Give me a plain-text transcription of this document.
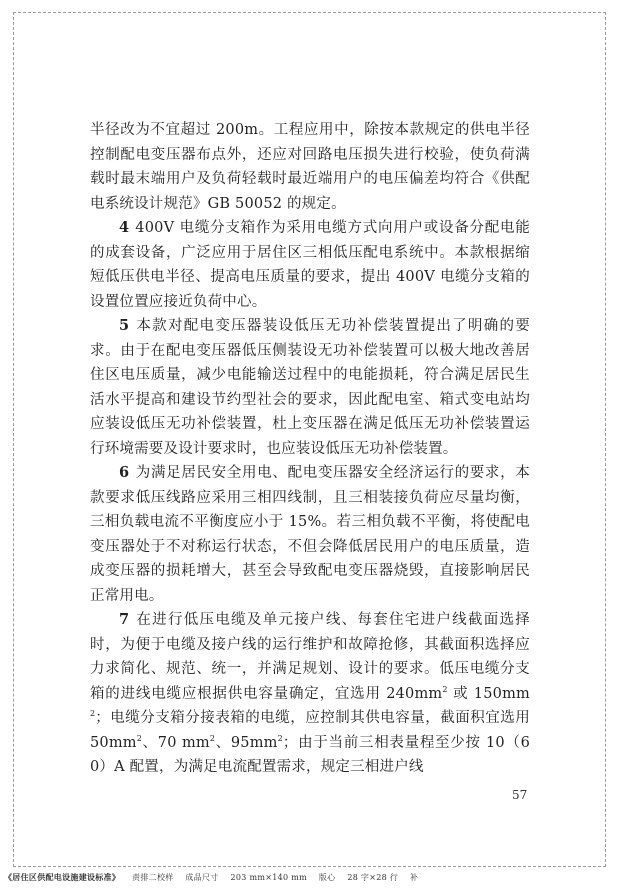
半径改为不宜超过 200m。工程应用中，除按本款规定的供电半径控制配电变压器布点外，还应对回路电压损失进行校验，使负荷满载时最末端用户及负荷轻载时最近端用户的电压偏差均符合《供配电系统设计规范》GB 50052 的规定。

4 400V 电缆分支箱作为采用电缆方式向用户或设备分配电能的成套设备，广泛应用于居住区三相低压配电系统中。本款根据缩短低压供电半径、提高电压质量的要求，提出 400V 电缆分支箱的设置位置应接近负荷中心。

5 本款对配电变压器装设低压无功补偿装置提出了明确的要求。由于在配电变压器低压侧装设无功补偿装置可以极大地改善居住区电压质量，减少电能输送过程中的电能损耗，符合满足居民生活水平提高和建设节约型社会的要求，因此配电室、箱式变电站均应装设低压无功补偿装置，杜上变压器在满足低压无功补偿装置运行环境需要及设计要求时，也应装设低压无功补偿装置。

6 为满足居民安全用电、配电变压器安全经济运行的要求，本款要求低压线路应采用三相四线制，且三相装接负荷应尽量均衡，三相负载电流不平衡度应小于 15%。若三相负载不平衡，将使配电变压器处于不对称运行状态，不但会降低居民用户的电压质量，造成变压器的损耗增大，甚至会导致配电变压器烧毁，直接影响居民正常用电。

7 在进行低压电缆及单元接户线、每套住宅进户线截面选择时，为便于电缆及接户线的运行维护和故障抢修，其截面积选择应力求简化、规范、统一，并满足规划、设计的要求。低压电缆分支箱的进线电缆应根据供电容量确定，宜选用 $240mm^2$ 或 $150mm^2$；电缆分支箱分接表箱的电缆，应控制其供电容量，截面积宜选用 $50mm^2$、70 $mm^2$、$95mm^2$；由于当前三相表量程至少按 10（60）A 配置，为满足电流配置需求，规定三相进户线

57
《居住区供配电设施建设标准》 责排二校样 成品尺寸 203 mm×140 mm 版心 28 字×28 行 补
